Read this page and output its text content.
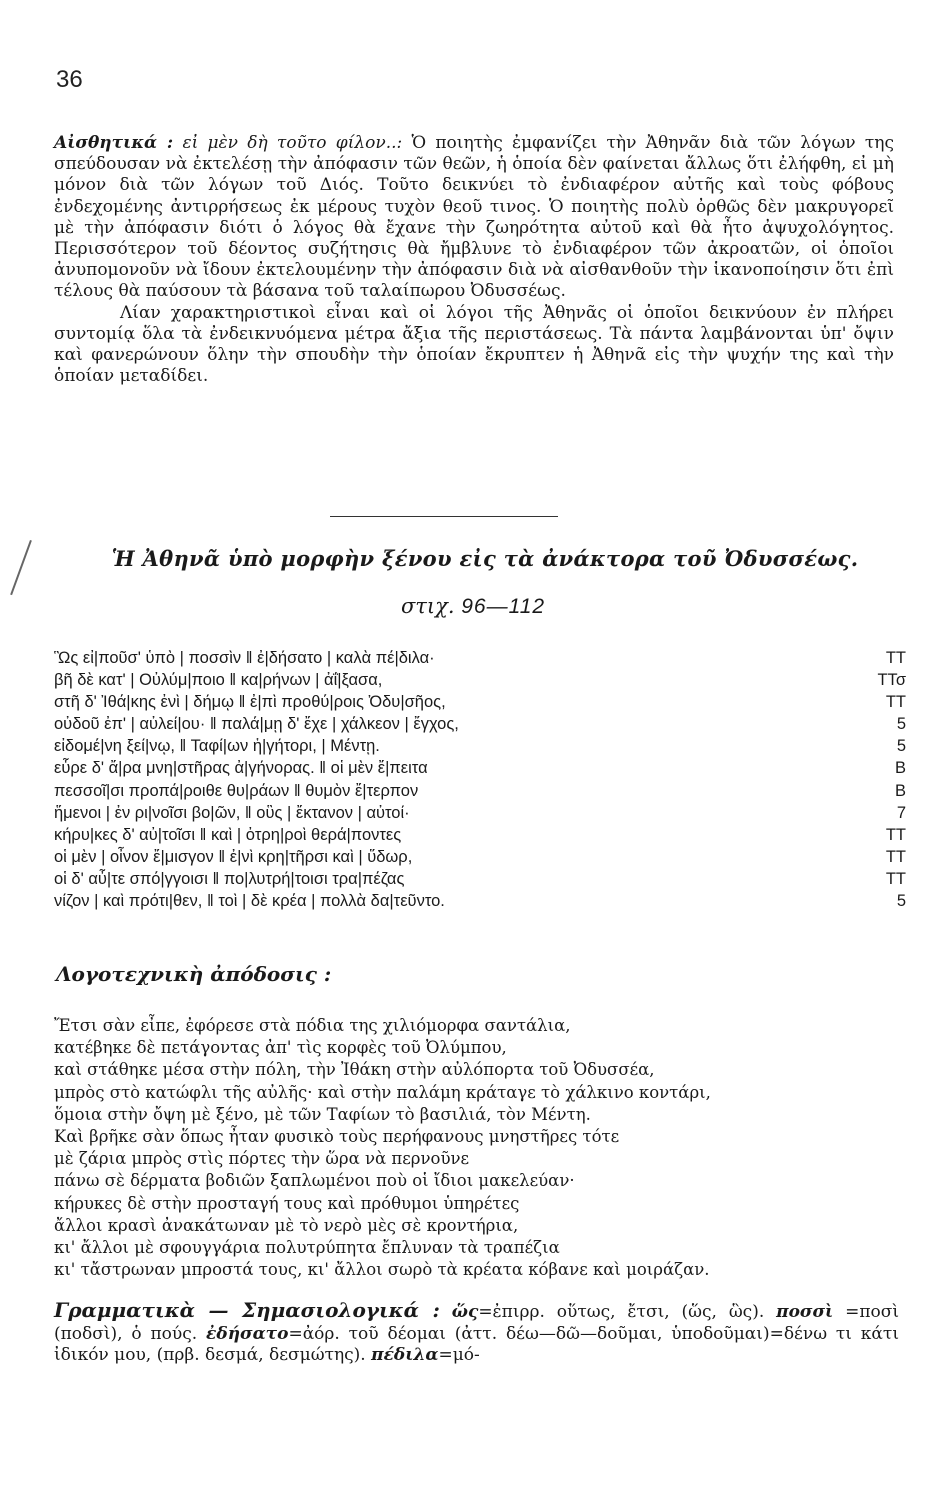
36

Αἰσθητικά : εἰ μὲν δὴ τοῦτο φίλον..: Ὁ ποιητὴς ἐμφανίζει τὴν Ἀθηνᾶν διὰ τῶν λόγων της σπεύδουσαν νὰ ἐκτελέσῃ τὴν ἀπόφασιν τῶν θεῶν, ἡ ὁποία δὲν φαίνεται ἄλλως ὅτι ἐλήφθη, εἰ μὴ μόνον διὰ τῶν λόγων τοῦ Διός. Τοῦτο δεικνύει τὸ ἐνδιαφέρον αὐτῆς καὶ τοὺς φόβους ἐνδεχομένης ἀντιρρήσεως ἐκ μέρους τυχὸν θεοῦ τινος. Ὁ ποιητὴς πολὺ ὀρθῶς δὲν μακρυγορεῖ μὲ τὴν ἀπόφασιν διότι ὁ λόγος θὰ ἔχανε τὴν ζωηρότητα αὐτοῦ καὶ θὰ ἦτο ἀψυχολόγητος. Περισσότερον τοῦ δέοντος συζήτησις θὰ ἤμβλυνε τὸ ἐνδιαφέρον τῶν ἀκροατῶν, οἱ ὁποῖοι ἀνυπομονοῦν νὰ ἴδουν ἐκτελουμένην τὴν ἀπόφασιν διὰ νὰ αἰσθανθοῦν τὴν ἱκανοποίησιν ὅτι ἐπὶ τέλους θὰ παύσουν τὰ βάσανα τοῦ ταλαίπωρου Ὀδυσσέως.

Λίαν χαρακτηριστικοὶ εἶναι καὶ οἱ λόγοι τῆς Ἀθηνᾶς οἱ ὁποῖοι δεικνύουν ἐν πλήρει συντομίᾳ ὅλα τὰ ἐνδεικνυόμενα μέτρα ἄξια τῆς περιστάσεως. Τὰ πάντα λαμβάνονται ὑπ' ὄψιν καὶ φανερώνουν ὅλην τὴν σπουδὴν τὴν ὁποίαν ἔκρυπτεν ἡ Ἀθηνᾶ εἰς τὴν ψυχήν της καὶ τὴν ὁποίαν μεταδίδει.

Ἡ Ἀθηνᾶ ὑπὸ μορφὴν ξένου εἰς τὰ ἀνάκτορα τοῦ Ὀδυσσέως.
στιχ. 96—112
Ὣς εἰ|ποῦσ' ὑπὸ | ποσσὶν ‖ ἐ|δήσατο | καλὰ πέ|διλα·	ΤΤ
βῆ δὲ κατ' | Οὐλύμ|ποιο ‖ κα|ρήνων | ἀΐ|ξασα,	ΤΤσ
στῆ δ' Ἰθά|κης ἐνὶ | δήμῳ ‖ ἐ|πὶ προθύ|ροις Ὀδυ|σῆος,	ΤΤ
οὐδοῦ ἐπ' | αὐλεί|ου· ‖ παλά|μῃ δ' ἔχε | χάλκεον | ἔγχος,	5
εἰδομέ|νη ξεί|νῳ, ‖ Ταφί|ων ἡ|γήτορι, | Μέντῃ.	5
εὗρε δ' ἄ|ρα μνη|στῆρας ἀ|γήνορας. ‖ οἱ μὲν ἔ|πειτα	Β
πεσσοῖ|σι προπά|ροιθε θυ|ράων ‖ θυμὸν ἔ|τερπον	Β
ἥμενοι | ἐν ρι|νοῖσι βο|ῶν, ‖ οὓς | ἔκτανον | αὐτοί·	7
κήρυ|κες δ' αὐ|τοῖσι ‖ καὶ | ὀτρη|ροὶ θερά|ποντες	ΤΤ
οἱ μὲν | οἶνον ἔ|μισγον ‖ ἐ|νὶ κρη|τῆρσι καὶ | ὕδωρ,	ΤΤ
οἱ δ' αὖ|τε σπό|γγοισι ‖ πο|λυτρή|τοισι τρα|πέζας	ΤΤ
νίζον | καὶ πρότι|θεν, ‖ τοὶ | δὲ κρέα | πολλὰ δα|τεῦντο.	5
Λογοτεχνικὴ ἀπόδοσις :
Ἔτσι σὰν εἶπε, ἐφόρεσε στὰ πόδια της χιλιόμορφα σαντάλια,
κατέβηκε δὲ πετάγοντας ἀπ' τὶς κορφὲς τοῦ Ὀλύμπου,
καὶ στάθηκε μέσα στὴν πόλη, τὴν Ἰθάκη στὴν αὐλόπορτα τοῦ Ὀδυσσέα,
μπρὸς στὸ κατώφλι τῆς αὐλῆς· καὶ στὴν παλάμη κράταγε τὸ χάλκινο κοντάρι,
ὅμοια στὴν ὄψη μὲ ξένο, μὲ τῶν Ταφίων τὸ βασιλιά, τὸν Μέντη.
Καὶ βρῆκε σὰν ὅπως ἦταν φυσικὸ τοὺς περήφανους μνηστῆρες τότε
μὲ ζάρια μπρὸς στὶς πόρτες τὴν ὥρα νὰ περνοῦνε
πάνω σὲ δέρματα βοδιῶν ξαπλωμένοι ποὺ οἱ ἴδιοι μακελεύαν·
κήρυκες δὲ στὴν προσταγή τους καὶ πρόθυμοι ὑπηρέτες
ἄλλοι κρασὶ ἀνακάτωναν μὲ τὸ νερὸ μὲς σὲ κροντήρια,
κι' ἄλλοι μὲ σφουγγάρια πολυτρύπητα ἔπλυναν τὰ τραπέζια
κι' τἄστρωναν μπροστά τους, κι' ἄλλοι σωρὸ τὰ κρέατα κόβανε καὶ μοιράζαν.
Γραμματικὰ — Σημασιολογικά : ὥς=ἐπιρρ. οὕτως, ἔτσι, (ὥς, ὣς). ποσσὶ =ποσὶ (ποδσὶ), ὁ πούς. ἐδήσατο=ἀόρ. τοῦ δέομαι (ἀττ. δέω—δῶ—δοῦμαι, ὑποδοῦμαι)=δένω τι κάτι ἰδικόν μου, (πρβ. δεσμά, δεσμώτης). πέδιλα=μό-
